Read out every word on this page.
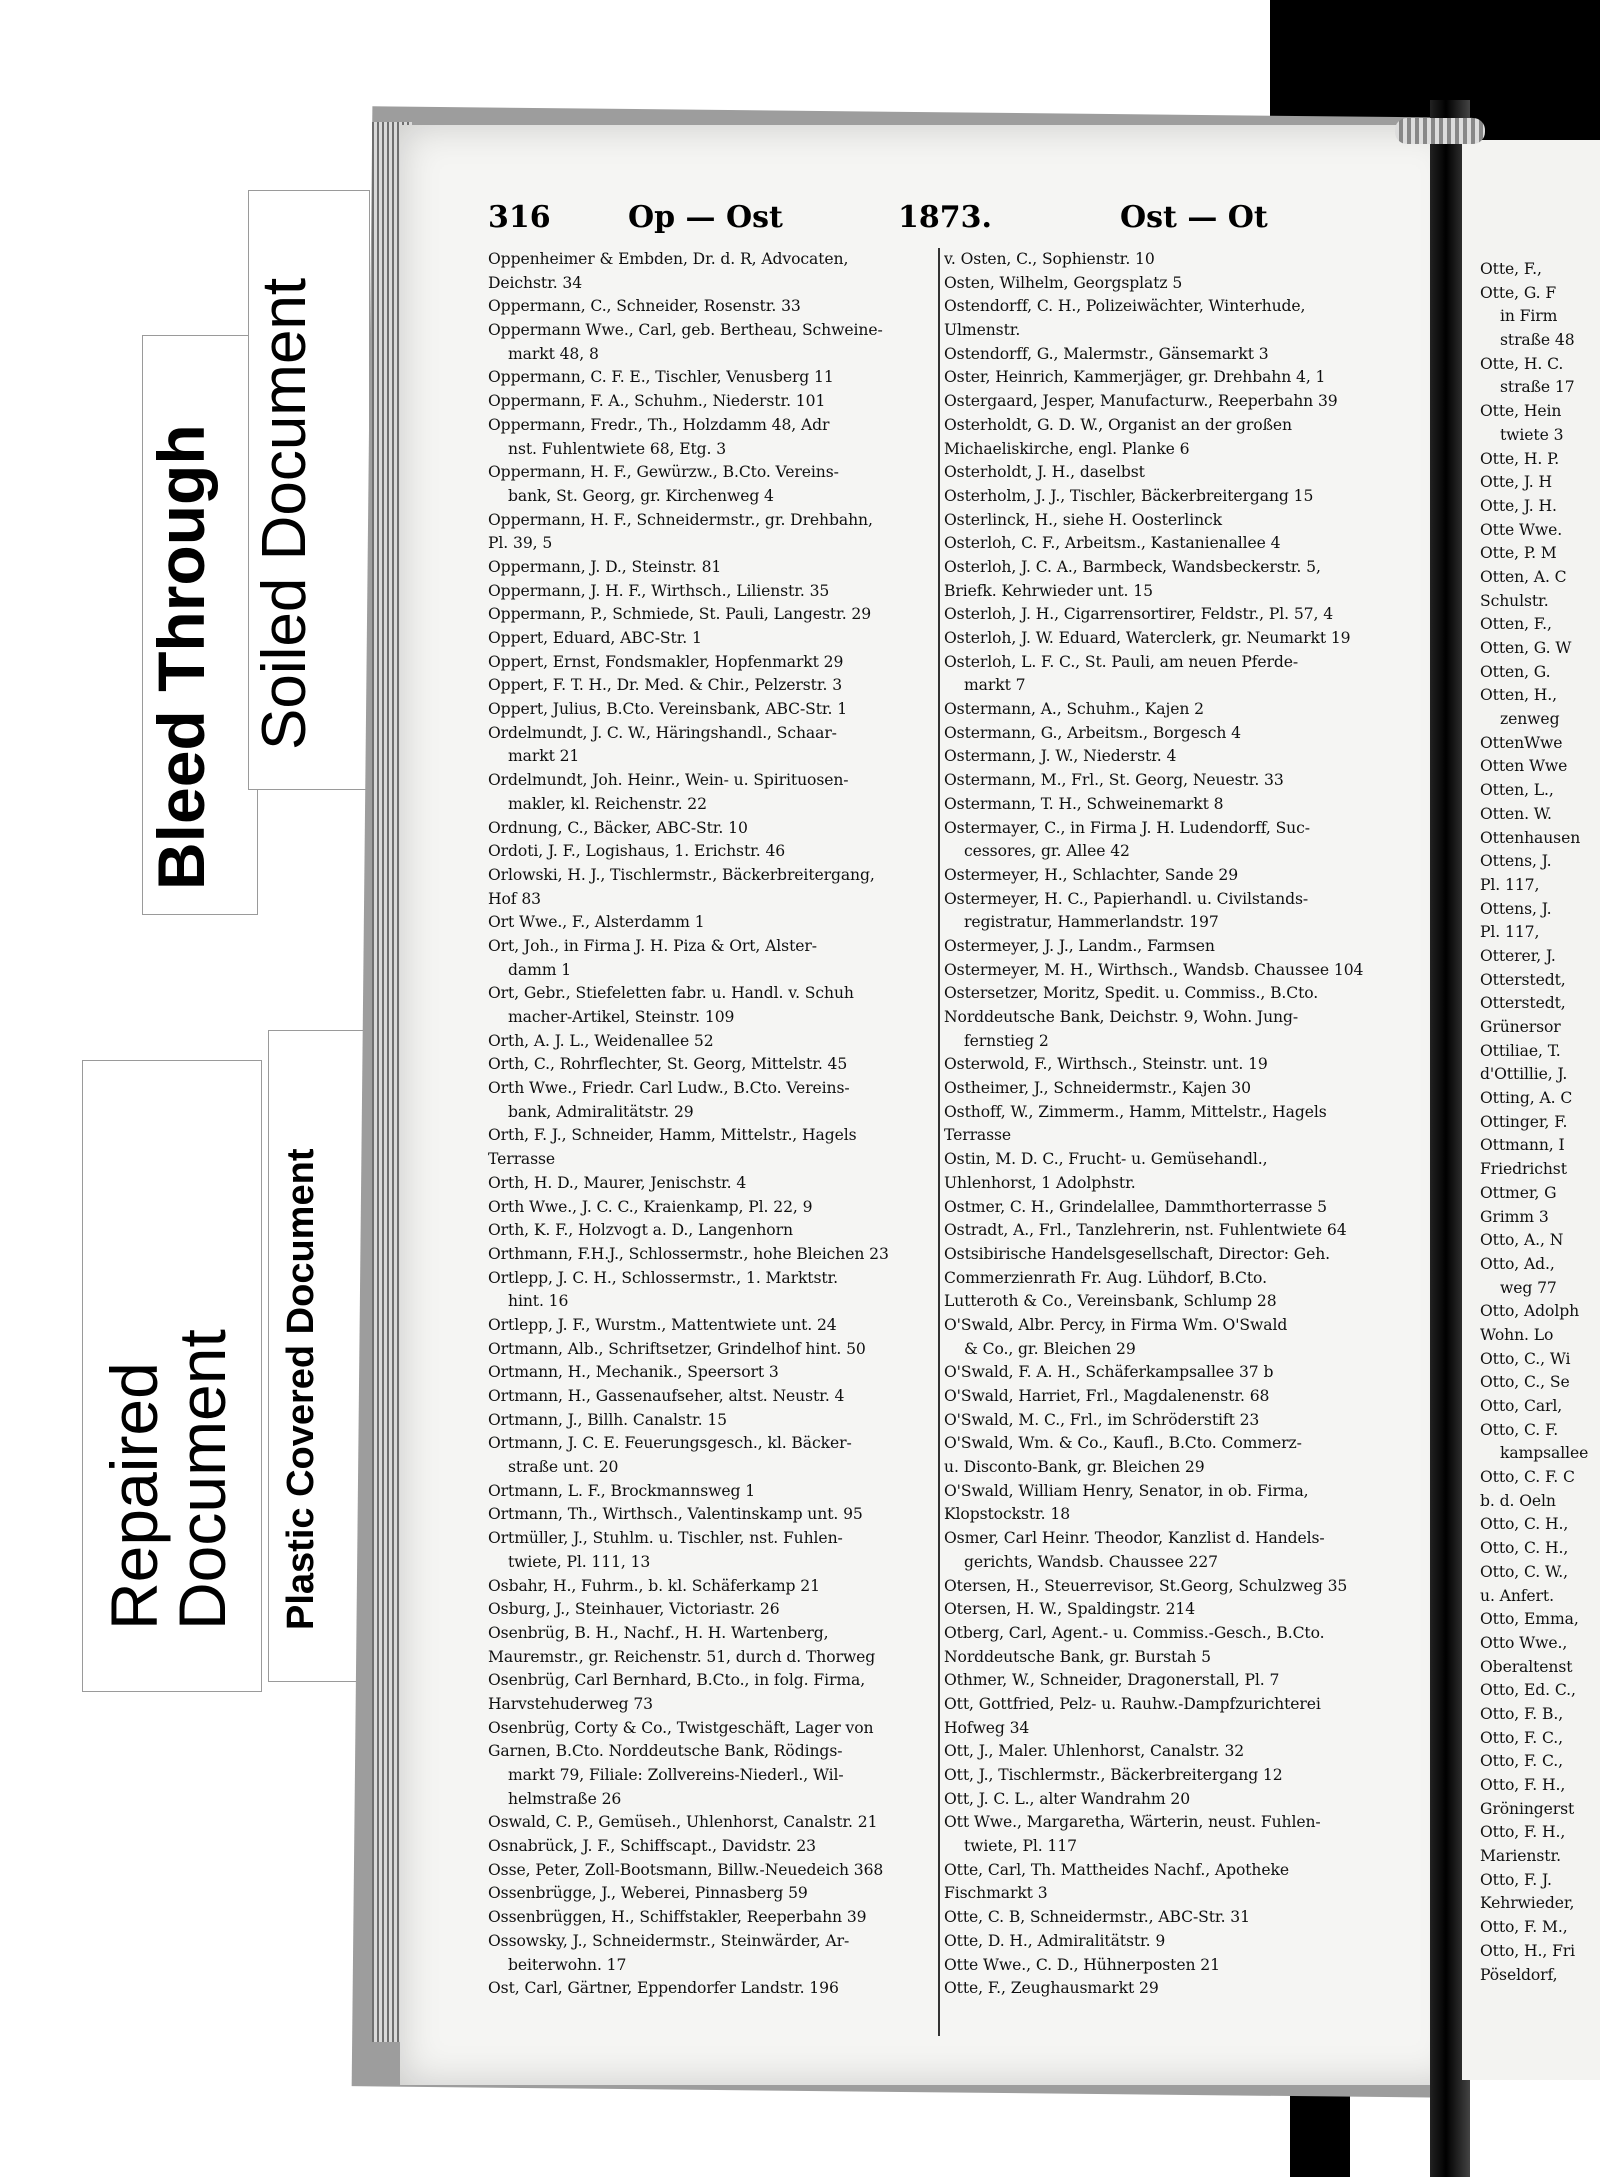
Repaired
Document Plastic Covered Document
Bleed Through Soiled Document
316	Op — Ost	1873.	Ost — Ot
Oppenheimer & Embden, Dr. d. R, Advocaten,
Deichstr. 34
Oppermann, C., Schneider, Rosenstr. 33
Oppermann Wwe., Carl, geb. Bertheau, Schweine-
markt 48, 8
Oppermann, C. F. E., Tischler, Venusberg 11
Oppermann, F. A., Schuhm., Niederstr. 101
Oppermann, Fredr., Th., Holzdamm 48, Adr
nst. Fuhlentwiete 68, Etg. 3
Oppermann, H. F., Gewürzw., B.Cto. Vereins-
bank, St. Georg, gr. Kirchenweg 4
Oppermann, H. F., Schneidermstr., gr. Drehbahn,
Pl. 39, 5
Oppermann, J. D., Steinstr. 81
Oppermann, J. H. F., Wirthsch., Lilienstr. 35
Oppermann, P., Schmiede, St. Pauli, Langestr. 29
Oppert, Eduard, ABC-Str. 1
Oppert, Ernst, Fondsmakler, Hopfenmarkt 29
Oppert, F. T. H., Dr. Med. & Chir., Pelzerstr. 3
Oppert, Julius, B.Cto. Vereinsbank, ABC-Str. 1
Ordelmundt, J. C. W., Häringshandl., Schaar-
markt 21
Ordelmundt, Joh. Heinr., Wein- u. Spirituosen-
makler, kl. Reichenstr. 22
Ordnung, C., Bäcker, ABC-Str. 10
Ordoti, J. F., Logishaus, 1. Erichstr. 46
Orlowski, H. J., Tischlermstr., Bäckerbreitergang,
Hof 83
Ort Wwe., F., Alsterdamm 1
Ort, Joh., in Firma J. H. Piza & Ort, Alster-
damm 1
Ort, Gebr., Stiefeletten fabr. u. Handl. v. Schuh
macher-Artikel, Steinstr. 109
Orth, A. J. L., Weidenallee 52
Orth, C., Rohrflechter, St. Georg, Mittelstr. 45
Orth Wwe., Friedr. Carl Ludw., B.Cto. Vereins-
bank, Admiralitätstr. 29
Orth, F. J., Schneider, Hamm, Mittelstr., Hagels
Terrasse
Orth, H. D., Maurer, Jenischstr. 4
Orth Wwe., J. C. C., Kraienkamp, Pl. 22, 9
Orth, K. F., Holzvogt a. D., Langenhorn
Orthmann, F.H.J., Schlossermstr., hohe Bleichen 23
Ortlepp, J. C. H., Schlossermstr., 1. Marktstr.
hint. 16
Ortlepp, J. F., Wurstm., Mattentwiete unt. 24
Ortmann, Alb., Schriftsetzer, Grindelhof hint. 50
Ortmann, H., Mechanik., Speersort 3
Ortmann, H., Gassenaufseher, altst. Neustr. 4
Ortmann, J., Billh. Canalstr. 15
Ortmann, J. C. E. Feuerungsgesch., kl. Bäcker-
straße unt. 20
Ortmann, L. F., Brockmannsweg 1
Ortmann, Th., Wirthsch., Valentinskamp unt. 95
Ortmüller, J., Stuhlm. u. Tischler, nst. Fuhlen-
twiete, Pl. 111, 13
Osbahr, H., Fuhrm., b. kl. Schäferkamp 21
Osburg, J., Steinhauer, Victoriastr. 26
Osenbrüg, B. H., Nachf., H. H. Wartenberg,
Mauremstr., gr. Reichenstr. 51, durch d. Thorweg
Osenbrüg, Carl Bernhard, B.Cto., in folg. Firma,
Harvstehuderweg 73
Osenbrüg, Corty & Co., Twistgeschäft, Lager von
Garnen, B.Cto. Norddeutsche Bank, Rödings-
markt 79, Filiale: Zollvereins-Niederl., Wil-
helmstraße 26
Oswald, C. P., Gemüseh., Uhlenhorst, Canalstr. 21
Osnabrück, J. F., Schiffscapt., Davidstr. 23
Osse, Peter, Zoll-Bootsmann, Billw.-Neuedeich 368
Ossenbrügge, J., Weberei, Pinnasberg 59
Ossenbrüggen, H., Schiffstakler, Reeperbahn 39
Ossowsky, J., Schneidermstr., Steinwärder, Ar-
beiterwohn. 17
Ost, Carl, Gärtner, Eppendorfer Landstr. 196
v. Osten, C., Sophienstr. 10
Osten, Wilhelm, Georgsplatz 5
Ostendorff, C. H., Polizeiwächter, Winterhude,
Ulmenstr.
Ostendorff, G., Malermstr., Gänsemarkt 3
Oster, Heinrich, Kammerjäger, gr. Drehbahn 4, 1
Ostergaard, Jesper, Manufacturw., Reeperbahn 39
Osterholdt, G. D. W., Organist an der großen
Michaeliskirche, engl. Planke 6
Osterholdt, J. H., daselbst
Osterholm, J. J., Tischler, Bäckerbreitergang 15
Osterlinck, H., siehe H. Oosterlinck
Osterloh, C. F., Arbeitsm., Kastanienallee 4
Osterloh, J. C. A., Barmbeck, Wandsbeckerstr. 5,
Briefk. Kehrwieder unt. 15
Osterloh, J. H., Cigarrensortirer, Feldstr., Pl. 57, 4
Osterloh, J. W. Eduard, Waterclerk, gr. Neumarkt 19
Osterloh, L. F. C., St. Pauli, am neuen Pferde-
markt 7
Ostermann, A., Schuhm., Kajen 2
Ostermann, G., Arbeitsm., Borgesch 4
Ostermann, J. W., Niederstr. 4
Ostermann, M., Frl., St. Georg, Neuestr. 33
Ostermann, T. H., Schweinemarkt 8
Ostermayer, C., in Firma J. H. Ludendorff, Suc-
cessores, gr. Allee 42
Ostermeyer, H., Schlachter, Sande 29
Ostermeyer, H. C., Papierhandl. u. Civilstands-
registratur, Hammerlandstr. 197
Ostermeyer, J. J., Landm., Farmsen
Ostermeyer, M. H., Wirthsch., Wandsb. Chaussee 104
Ostersetzer, Moritz, Spedit. u. Commiss., B.Cto.
Norddeutsche Bank, Deichstr. 9, Wohn. Jung-
fernstieg 2
Osterwold, F., Wirthsch., Steinstr. unt. 19
Ostheimer, J., Schneidermstr., Kajen 30
Osthoff, W., Zimmerm., Hamm, Mittelstr., Hagels
Terrasse
Ostin, M. D. C., Frucht- u. Gemüsehandl.,
Uhlenhorst, 1 Adolphstr.
Ostmer, C. H., Grindelallee, Dammthorterrasse 5
Ostradt, A., Frl., Tanzlehrerin, nst. Fuhlentwiete 64
Ostsibirische Handelsgesellschaft, Director: Geh.
Commerzienrath Fr. Aug. Lühdorf, B.Cto.
Lutteroth & Co., Vereinsbank, Schlump 28
O'Swald, Albr. Percy, in Firma Wm. O'Swald
& Co., gr. Bleichen 29
O'Swald, F. A. H., Schäferkampsallee 37 b
O'Swald, Harriet, Frl., Magdalenenstr. 68
O'Swald, M. C., Frl., im Schröderstift 23
O'Swald, Wm. & Co., Kaufl., B.Cto. Commerz-
u. Disconto-Bank, gr. Bleichen 29
O'Swald, William Henry, Senator, in ob. Firma,
Klopstockstr. 18
Osmer, Carl Heinr. Theodor, Kanzlist d. Handels-
gerichts, Wandsb. Chaussee 227
Otersen, H., Steuerrevisor, St.Georg, Schulzweg 35
Otersen, H. W., Spaldingstr. 214
Otberg, Carl, Agent.- u. Commiss.-Gesch., B.Cto.
Norddeutsche Bank, gr. Burstah 5
Othmer, W., Schneider, Dragonerstall, Pl. 7
Ott, Gottfried, Pelz- u. Rauhw.-Dampfzurichterei
Hofweg 34
Ott, J., Maler. Uhlenhorst, Canalstr. 32
Ott, J., Tischlermstr., Bäckerbreitergang 12
Ott, J. C. L., alter Wandrahm 20
Ott Wwe., Margaretha, Wärterin, neust. Fuhlen-
twiete, Pl. 117
Otte, Carl, Th. Mattheides Nachf., Apotheke
Fischmarkt 3
Otte, C. B, Schneidermstr., ABC-Str. 31
Otte, D. H., Admiralitätstr. 9
Otte Wwe., C. D., Hühnerposten 21
Otte, F., Zeughausmarkt 29
Otte, F.,
Otte, G. F
in Firm
straße 48
Otte, H. C.
straße 17
Otte, Hein
twiete 3
Otte, H. P.
Otte, J. H
Otte, J. H.
Otte Wwe.
Otte, P. M
Otten, A. C
Schulstr.
Otten, F.,
Otten, G. W
Otten, G.
Otten, H.,
zenweg
OttenWwe
Otten Wwe
Otten, L.,
Otten. W.
Ottenhausen
Ottens, J.
Pl. 117,
Ottens, J.
Pl. 117,
Otterer, J.
Otterstedt,
Otterstedt,
Grünersor
Ottiliae, T.
d'Ottillie, J.
Otting, A. C
Ottinger, F.
Ottmann, I
Friedrichst
Ottmer, G
Grimm 3
Otto, A., N
Otto, Ad.,
weg 77
Otto, Adolph
Wohn. Lo
Otto, C., Wi
Otto, C., Se
Otto, Carl,
Otto, C. F.
kampsallee
Otto, C. F. C
b. d. Oeln
Otto, C. H.,
Otto, C. H.,
Otto, C. W.,
u. Anfert.
Otto, Emma,
Otto Wwe.,
Oberaltenst
Otto, Ed. C.,
Otto, F. B.,
Otto, F. C.,
Otto, F. C.,
Otto, F. H.,
Gröningerst
Otto, F. H.,
Marienstr.
Otto, F. J.
Kehrwieder,
Otto, F. M.,
Otto, H., Fri
Pöseldorf,
